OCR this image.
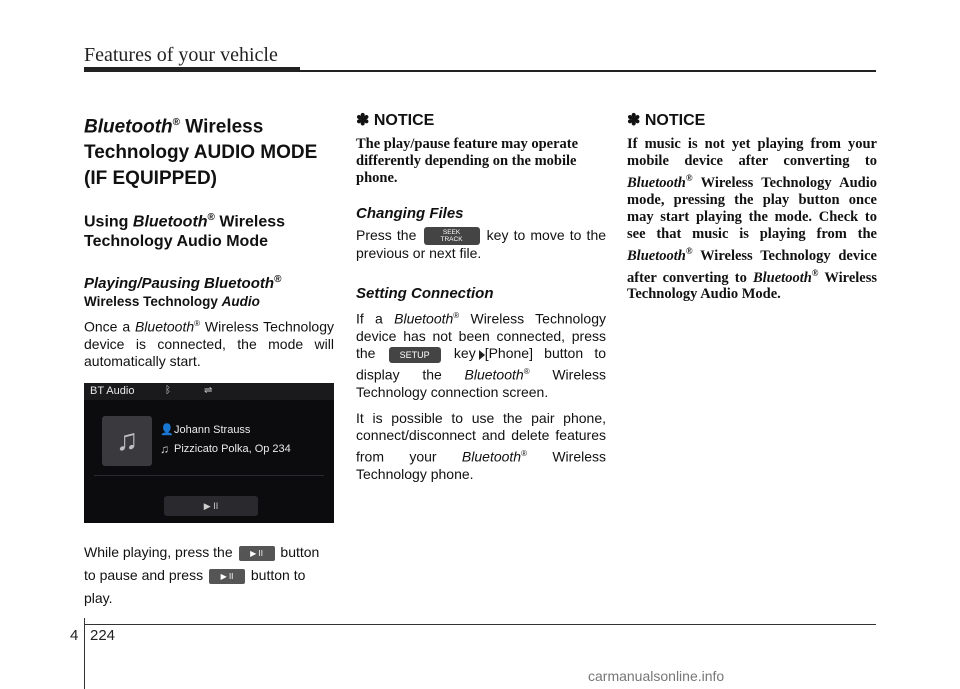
Features of your vehicle
Bluetooth® Wireless
Technology AUDIO MODE
(IF EQUIPPED)
Using Bluetooth® Wireless
Technology Audio Mode
Playing/Pausing Bluetooth®
Wireless Technology Audio
Once a Bluetooth® Wireless Technology device is connected, the mode will automatically start.
BT Audio	ᛒ	⇌
♫	👤 Johann Strauss
♫ Pizzicato Polka, Op 234
▶ II
While playing, press the ▶ II button to pause and press ▶ II button to play.
✽ NOTICE
The play/pause feature may operate differently depending on the mobile phone.
Changing Files
Press the	SEEK
TRACK key to move to the previous or next file.
Setting Connection
If a Bluetooth® Wireless Technology device has not been connected, press the	SETUP key [Phone] button to display the Bluetooth® Wireless Technology connection screen.
It is possible to use the pair phone, connect/disconnect and delete features from your Bluetooth® Wireless Technology phone.
✽ NOTICE
If music is not yet playing from your mobile device after converting to Bluetooth® Wireless Technology Audio mode, pressing the play button once may start playing the mode. Check to see that music is playing from the Bluetooth® Wireless Technology device after converting to Bluetooth® Wireless Technology Audio Mode.
4 224
carmanualsonline.info
